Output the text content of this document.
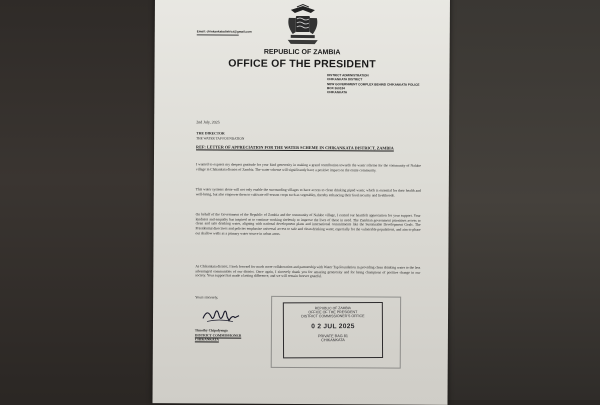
Email: chinkankatadistrict@gmail.com
REPUBLIC OF ZAMBIA
OFFICE OF THE PRESIDENT
DISTRICT ADMINISTRATION
CHIKANKATA DISTRICT
NEW GOVERNMENT COMPLEX BEHIND CHIKANKATA POLICE
BOX 360184
CHIKANKATA
2nd July, 2025
THE DIRECTOR
THE WATER TAP FOUNDATION
REF: LETTER OF APPRECIATION FOR THE WATER SCHEME IN CHIKANKATA DISTRICT, ZAMBIA
I wanted to express my deepest gratitude for your kind generosity in making a grand contribution towards the water scheme for the community of Nalube village in Chikankata district of Zambia. The water scheme will significantly have a positive impact on the entire community.
This water systems alone will not only enable the surrounding villages to have access to clean drinking piped water, which is essential for their health and well-being, but also empower them to cultivate off-season crops such as vegetables, thereby enhancing their food security and livelihoods.
On behalf of the Government of the Republic of Zambia and the community of Nalube village, I extend our heartfelt appreciation for your support. Your kindness and empathy has inspired us to continue working tirelessly to improve the lives of those in need. The Zambian government prioritises access to clean and safe drinking water, aligning with national development plans and international commitments like the Sustainable Development Goals. The Presidential directives and policies emphasize universal access to safe and clean drinking water, especially for the vulnerable populations, and aim to phase out shallow wells as a primary water source in urban areas.
As Chikankata district, I look forward for much more collaboration and partnership with Water Tap Foundation in providing clean drinking water to the less advantaged communities of our district. Once again, I sincerely thank you for amazing generosity and for being champions of positive change in our society. Your support has made a lasting difference, and we will remain forever grateful.
Yours sincerely,
Timothy Chipofyenga
DISTRICT COMMISSIONER
CHIKANKATA
REPUBLIC OF ZAMBIA
OFFICE OF THE PRESIDENT
DISTRICT COMMISSIONER'S OFFICE
0 2 JUL 2025
PRIVATE BAG 81
CHIKANKATA
